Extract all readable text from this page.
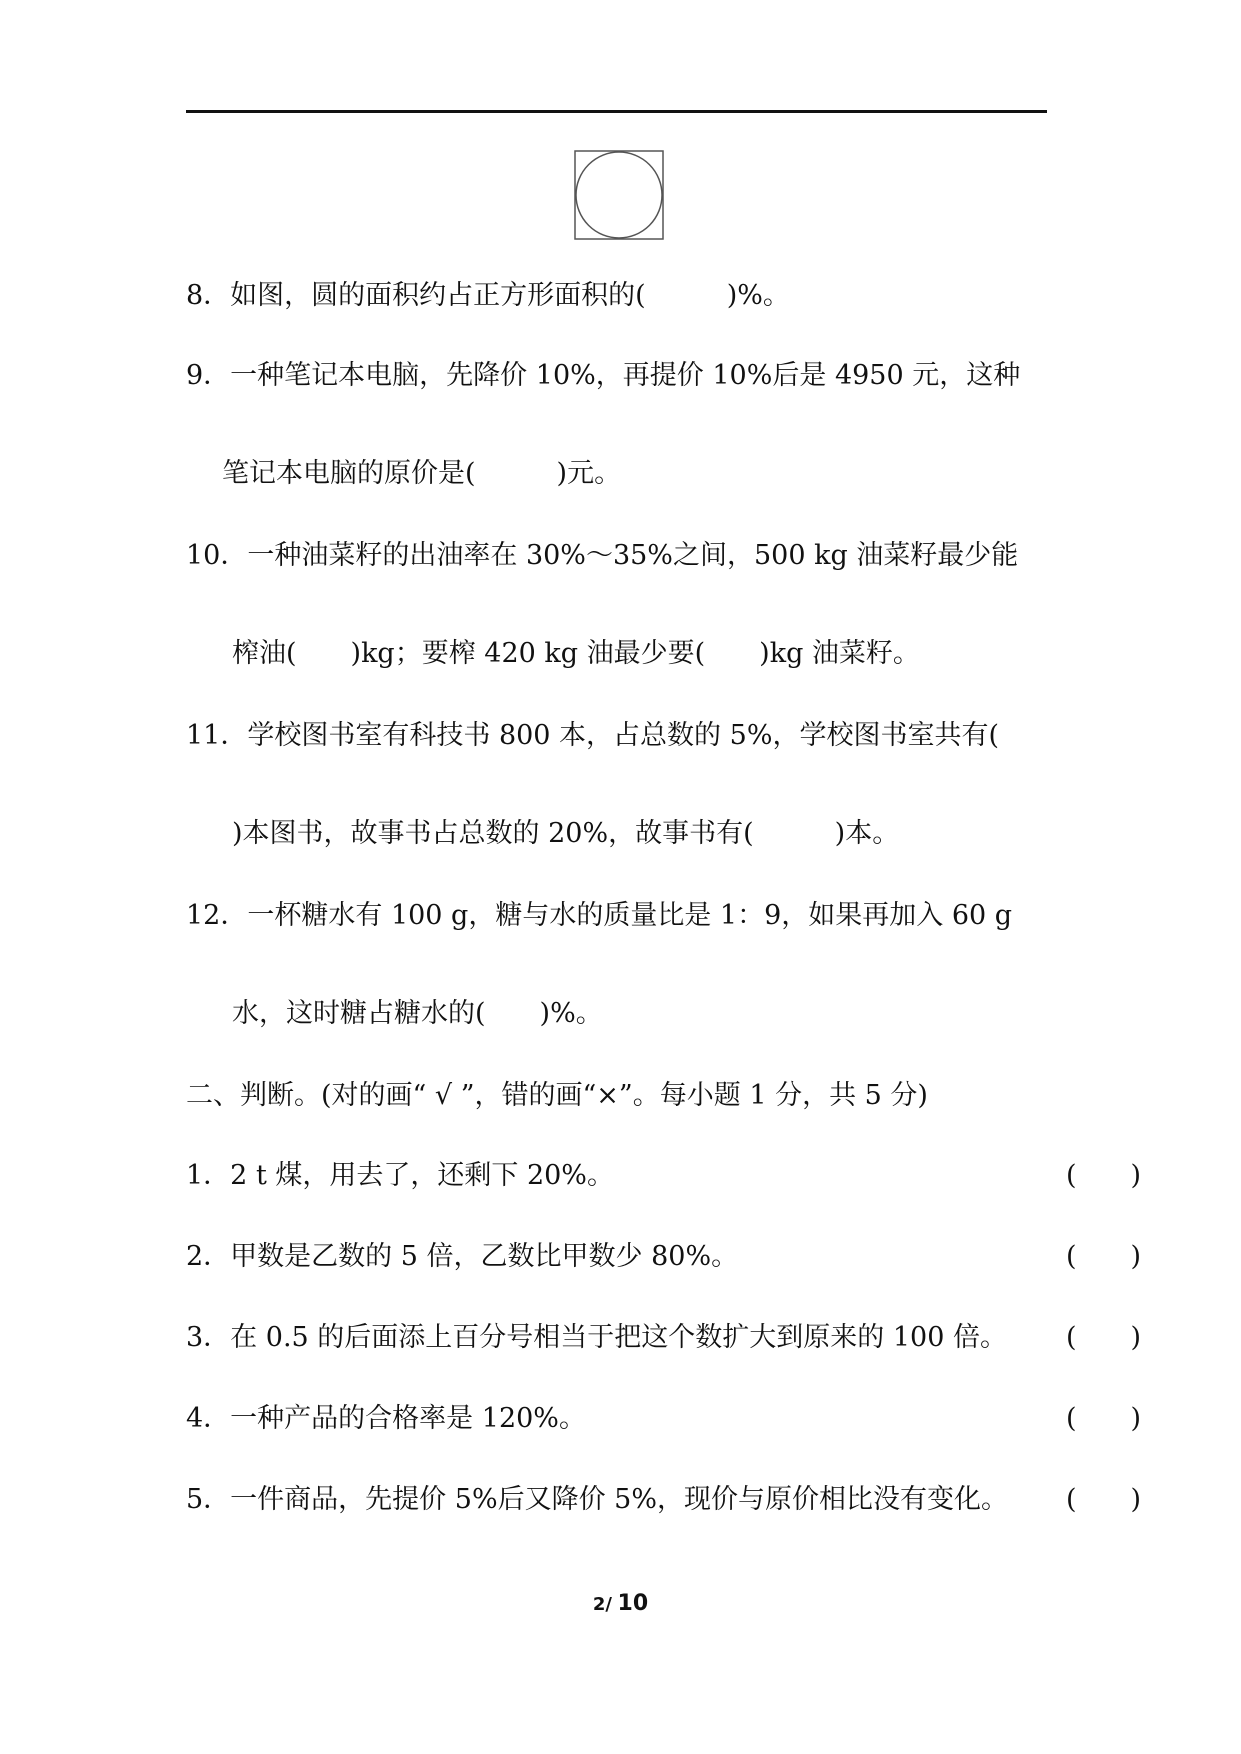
8．如图，圆的面积约占正方形面积的(　　　)%。
9．一种笔记本电脑，先降价 10%，再提价 10%后是 4950 元，这种
笔记本电脑的原价是(　　　)元。
10．一种油菜籽的出油率在 30%～35%之间，500 kg 油菜籽最少能
榨油(　　)kg；要榨 420 kg 油最少要(　　)kg 油菜籽。
11．学校图书室有科技书 800 本，占总数的 5%，学校图书室共有(
)本图书，故事书占总数的 20%，故事书有(　　　)本。
12．一杯糖水有 100 g，糖与水的质量比是 1：9，如果再加入 60 g
水，这时糖占糖水的(　　)%。
二、判断。(对的画“ √ ”，错的画“×”。每小题 1 分，共 5 分)
1．2 t 煤，用去了，还剩下 20%。	(　　)
2．甲数是乙数的 5 倍，乙数比甲数少 80%。	(　　)
3．在 0.5 的后面添上百分号相当于把这个数扩大到原来的 100 倍。 (　　)
4．一种产品的合格率是 120%。	(　　)
5．一件商品，先提价 5%后又降价 5%，现价与原价相比没有变化。 (　　)
2/ 10
